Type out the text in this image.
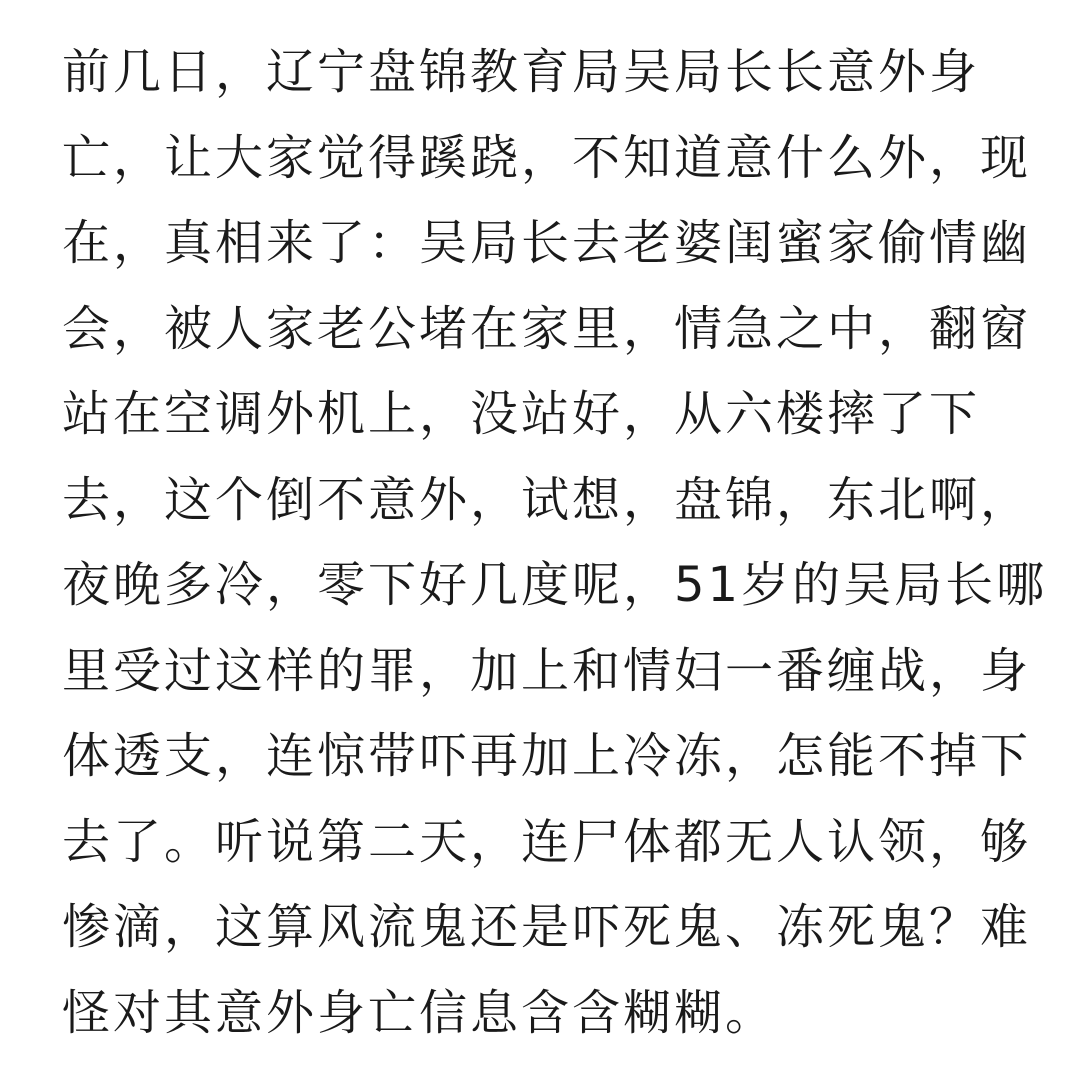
前几日，辽宁盘锦教育局吴局长长意外身
亡，让大家觉得蹊跷，不知道意什么外，现
在，真相来了：吴局长去老婆闺蜜家偷情幽
会，被人家老公堵在家里，情急之中，翻窗
站在空调外机上，没站好，从六楼摔了下
去，这个倒不意外，试想，盘锦，东北啊，
夜晚多冷，零下好几度呢，51岁的吴局长哪
里受过这样的罪，加上和情妇一番缠战，身
体透支，连惊带吓再加上冷冻，怎能不掉下
去了。听说第二天，连尸体都无人认领，够
惨滴，这算风流鬼还是吓死鬼、冻死鬼？难
怪对其意外身亡信息含含糊糊。
